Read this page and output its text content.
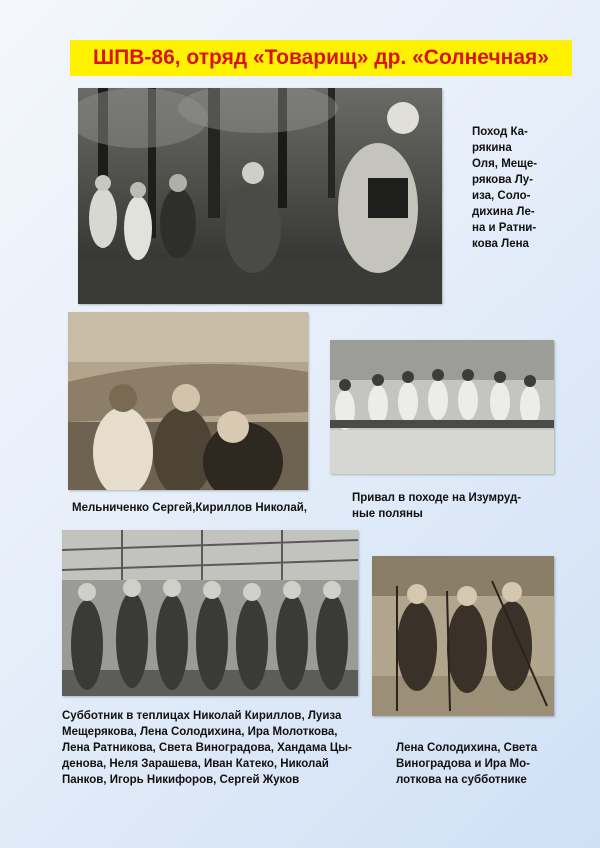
ШПВ-86, отряд «Товарищ» др. «Солнечная»
Поход Ка-
рякина
Оля, Меще-
рякова Лу-
иза, Соло-
дихина Ле-
на и Ратни-
кова Лена
Мельниченко Сергей,Кириллов Николай,
Привал в походе на Изумруд-
ные поляны
Субботник в теплицах Николай Кириллов, Луиза
Мещерякова, Лена Солодихина, Ира Молоткова,
Лена Ратникова, Света Виноградова, Хандама Цы-
денова, Неля Зарашева, Иван Катеко, Николай
Панков, Игорь Никифоров, Сергей Жуков
Лена Солодихина, Света
Виноградова и Ира Мо-
лоткова на субботнике
